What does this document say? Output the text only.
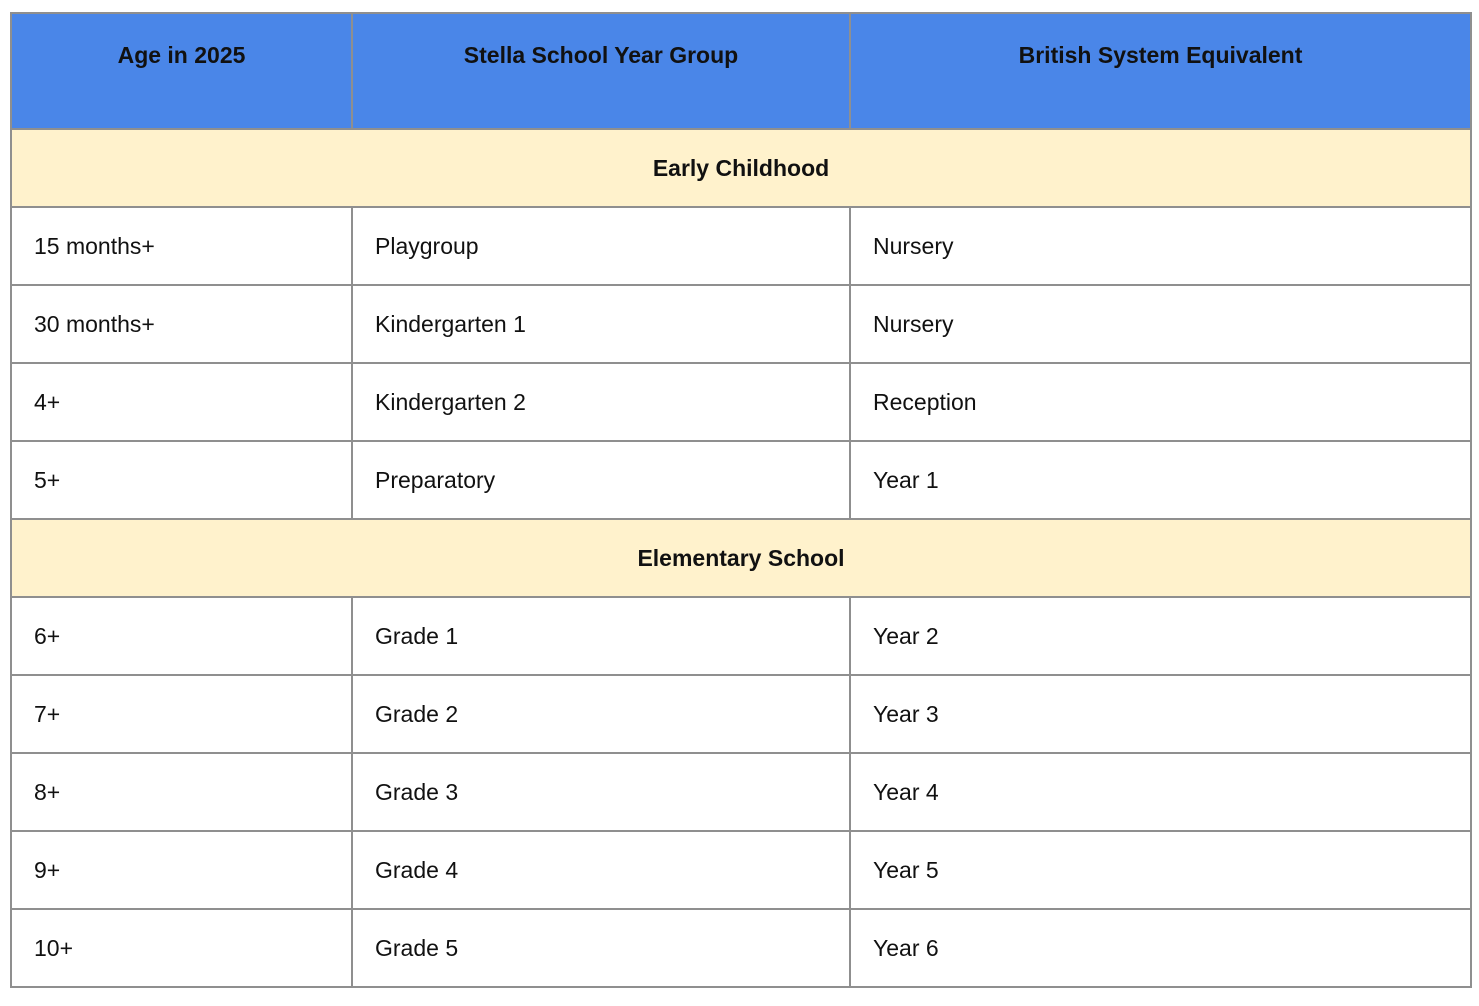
Age in 2025	Stella School Year Group	British System Equivalent
Early Childhood		
15 months+	Playgroup	Nursery
30 months+	Kindergarten 1	Nursery
4+	Kindergarten 2	Reception
5+	Preparatory	Year 1
Elementary School		
6+	Grade 1	Year 2
7+	Grade 2	Year 3
8+	Grade 3	Year 4
9+	Grade 4	Year 5
10+	Grade 5	Year 6
